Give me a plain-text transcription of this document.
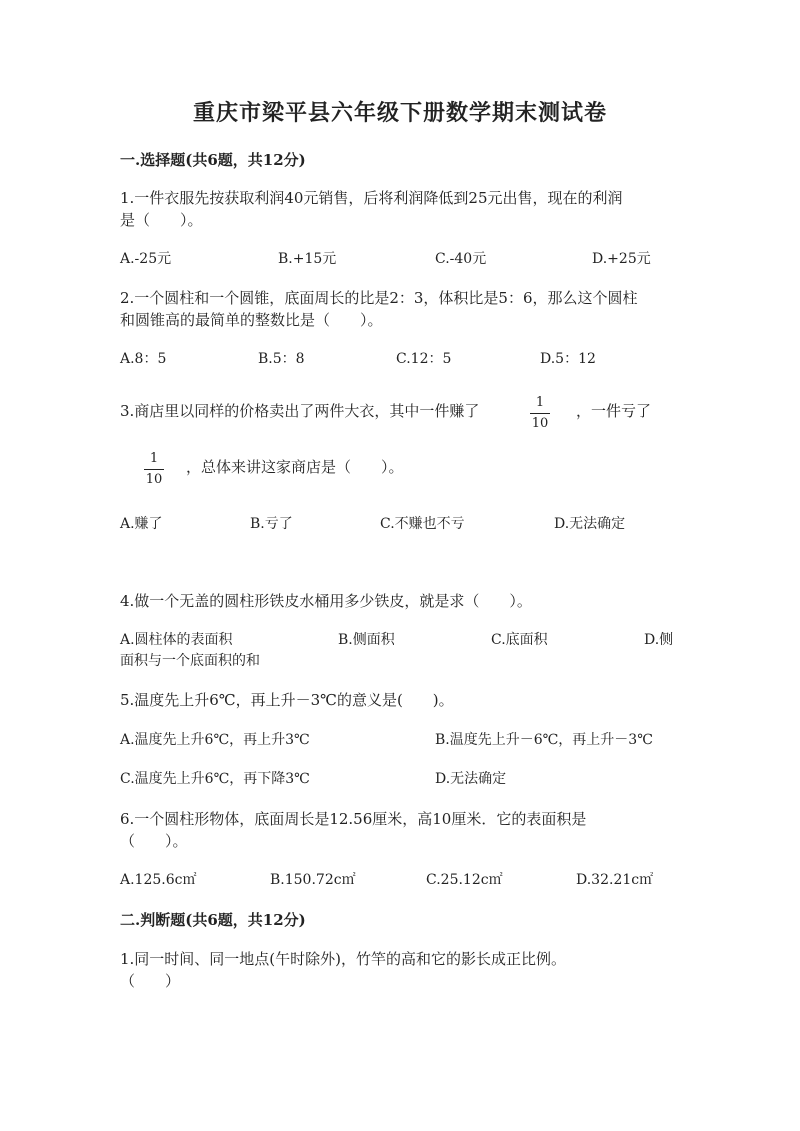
重庆市梁平县六年级下册数学期末测试卷
一.选择题(共6题，共12分)
1.一件衣服先按获取利润40元销售，后将利润降低到25元出售，现在的利润
是（　　）。
A.-25元	B.+15元	C.-40元	D.+25元
2.一个圆柱和一个圆锥，底面周长的比是2：3，体积比是5：6，那么这个圆柱
和圆锥高的最简单的整数比是（　　）。
A.8：5	B.5：8	C.12：5	D.5：12
3.商店里以同样的价格卖出了两件大衣，其中一件赚了	1
10
，一件亏了
1
10
，总体来讲这家商店是（　　）。
A.赚了	B.亏了	C.不赚也不亏	D.无法确定
4.做一个无盖的圆柱形铁皮水桶用多少铁皮，就是求（　　）。
A.圆柱体的表面积	B.侧面积	C.底面积	D.侧
面积与一个底面积的和
5.温度先上升6℃，再上升－3℃的意义是(　　)。
A.温度先上升6℃，再上升3℃	B.温度先上升－6℃，再上升－3℃
C.温度先上升6℃，再下降3℃	D.无法确定
6.一个圆柱形物体，底面周长是12.56厘米，高10厘米．它的表面积是
（　　）。
A.125.6c㎡	B.150.72c㎡	C.25.12c㎡	D.32.21c㎡
二.判断题(共6题，共12分)
1.同一时间、同一地点(午时除外)，竹竿的高和它的影长成正比例。
（　　）
